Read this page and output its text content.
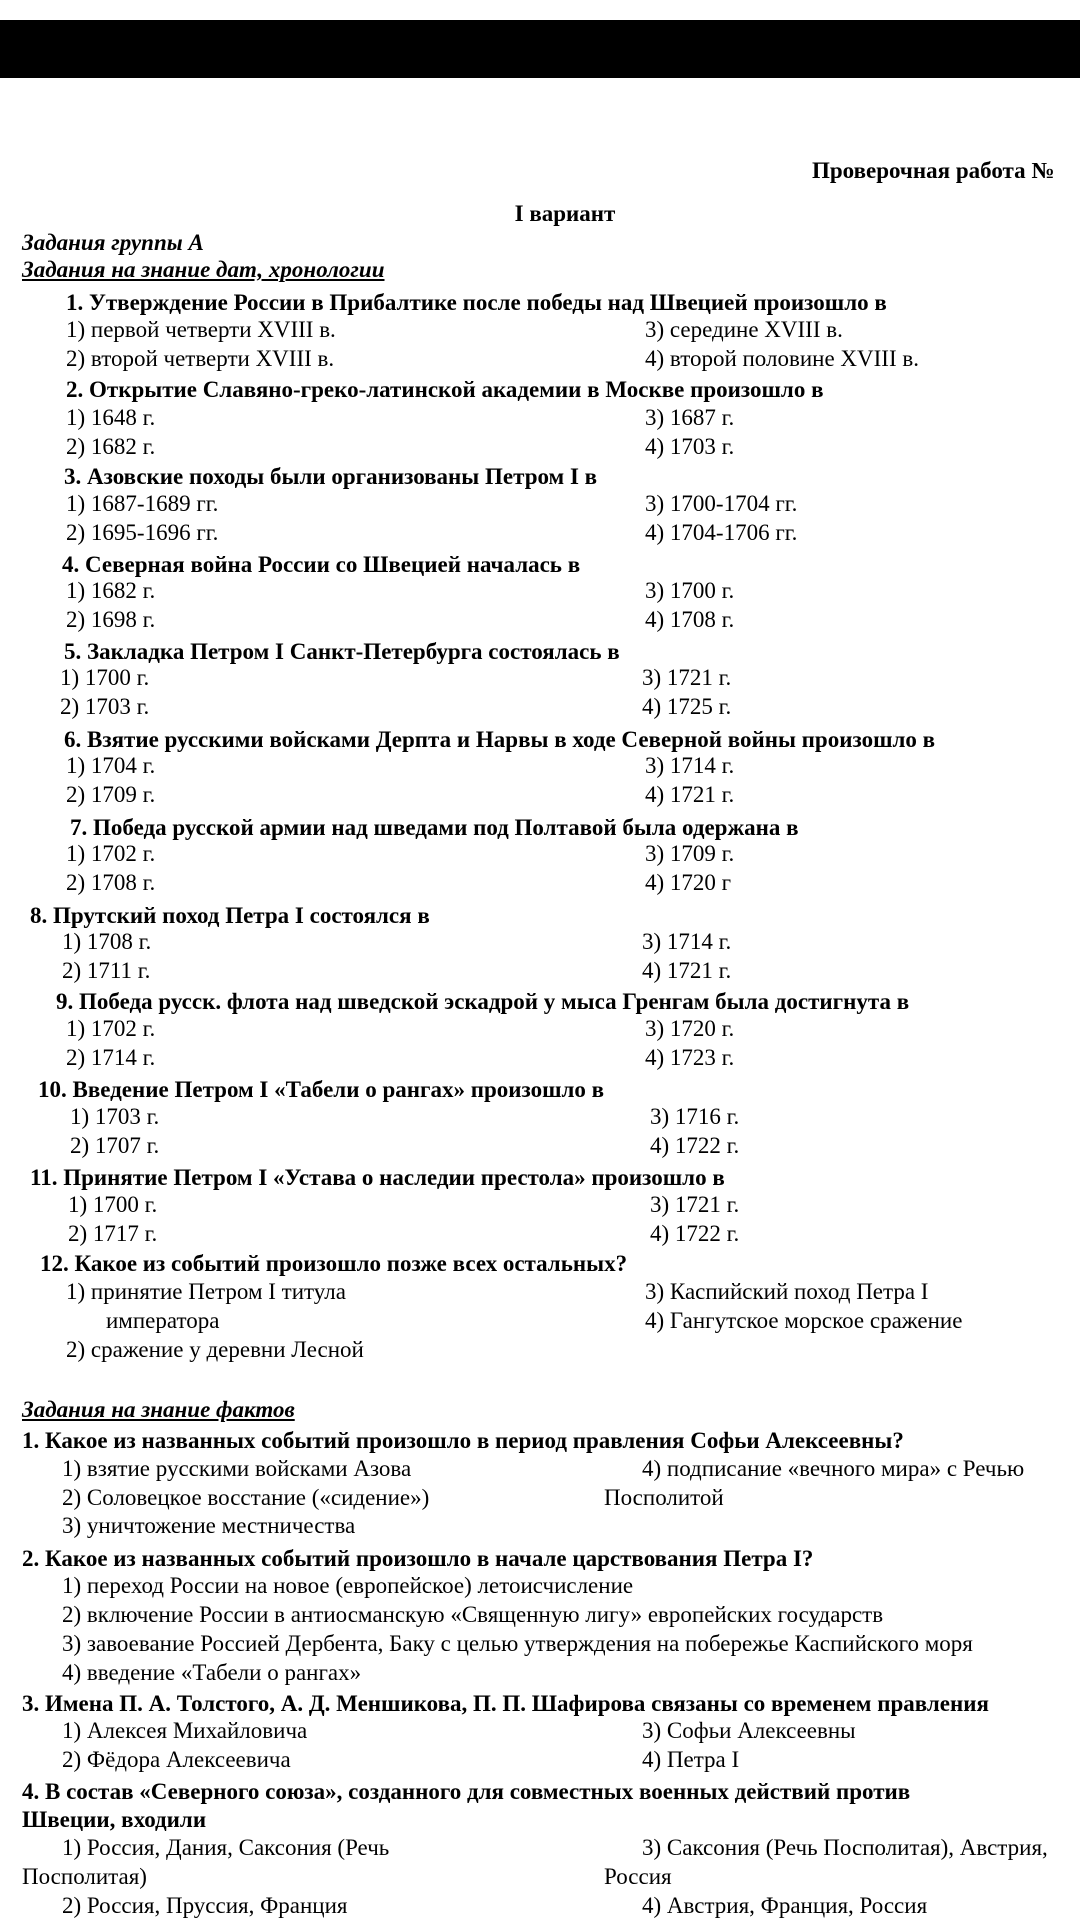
Проверочная работа №
I вариант
Задания группы А
Задания на знание дат, хронологии
1. Утверждение России в Прибалтике после победы над Швецией произошло в
1) первой четверти XVIII в.
2) второй четверти XVIII в.
3) середине XVIII в.
4) второй половине XVIII в.
2. Открытие Славяно-греко-латинской академии в Москве произошло в
1) 1648 г.
2) 1682 г.
3) 1687 г.
4) 1703 г.
3. Азовские походы были организованы Петром I в
1) 1687-1689 гг.
2) 1695-1696 гг.
3) 1700-1704 гг.
4) 1704-1706 гг.
4. Северная война России со Швецией началась в
1) 1682 г.
2) 1698 г.
3) 1700 г.
4) 1708 г.
5. Закладка Петром I Санкт-Петербурга состоялась в
1) 1700 г.
2) 1703 г.
3) 1721 г.
4) 1725 г.
6. Взятие русскими войсками Дерпта и Нарвы в ходе Северной войны произошло в
1) 1704 г.
2) 1709 г.
3) 1714 г.
4) 1721 г.
7. Победа русской армии над шведами под Полтавой была одержана в
1) 1702 г.
2) 1708 г.
3) 1709 г.
4) 1720 г
8. Прутский поход Петра I состоялся в
1) 1708 г.
2) 1711 г.
3) 1714 г.
4) 1721 г.
9. Победа русск. флота над шведской эскадрой у мыса Гренгам была достигнута в
1) 1702 г.
2) 1714 г.
3) 1720 г.
4) 1723 г.
10. Введение Петром I «Табели о рангах» произошло в
1) 1703 г.
2) 1707 г.
3) 1716 г.
4) 1722 г.
11. Принятие Петром I «Устава о наследии престола» произошло в
1) 1700 г.
2) 1717 г.
3) 1721 г.
4) 1722 г.
12. Какое из событий произошло позже всех остальных?
1) принятие Петром I титула
императора
2) сражение у деревни Лесной
3) Каспийский поход Петра I
4) Гангутское морское сражение
Задания на знание фактов
1. Какое из названных событий произошло в период правления Софьи Алексеевны?
1) взятие русскими войсками Азова
2) Соловецкое восстание («сидение»)
3) уничтожение местничества
4) подписание «вечного мира» с Речью
Посполитой
2. Какое из названных событий произошло в начале царствования Петра I?
1) переход России на новое (европейское) летоисчисление
2) включение России в антиосманскую «Священную лигу» европейских государств
3) завоевание Россией Дербента, Баку с целью утверждения на побережье Каспийского моря
4) введение «Табели о рангах»
3. Имена П. А. Толстого, А. Д. Меншикова, П. П. Шафирова связаны со временем правления
1) Алексея Михайловича
2) Фёдора Алексеевича
3) Софьи Алексеевны
4) Петра I
4. В состав «Северного союза», созданного для совместных военных действий против
Швеции, входили
1) Россия, Дания, Саксония (Речь
Посполитая)
2) Россия, Пруссия, Франция
3) Саксония (Речь Посполитая), Австрия,
Россия
4) Австрия, Франция, Россия
